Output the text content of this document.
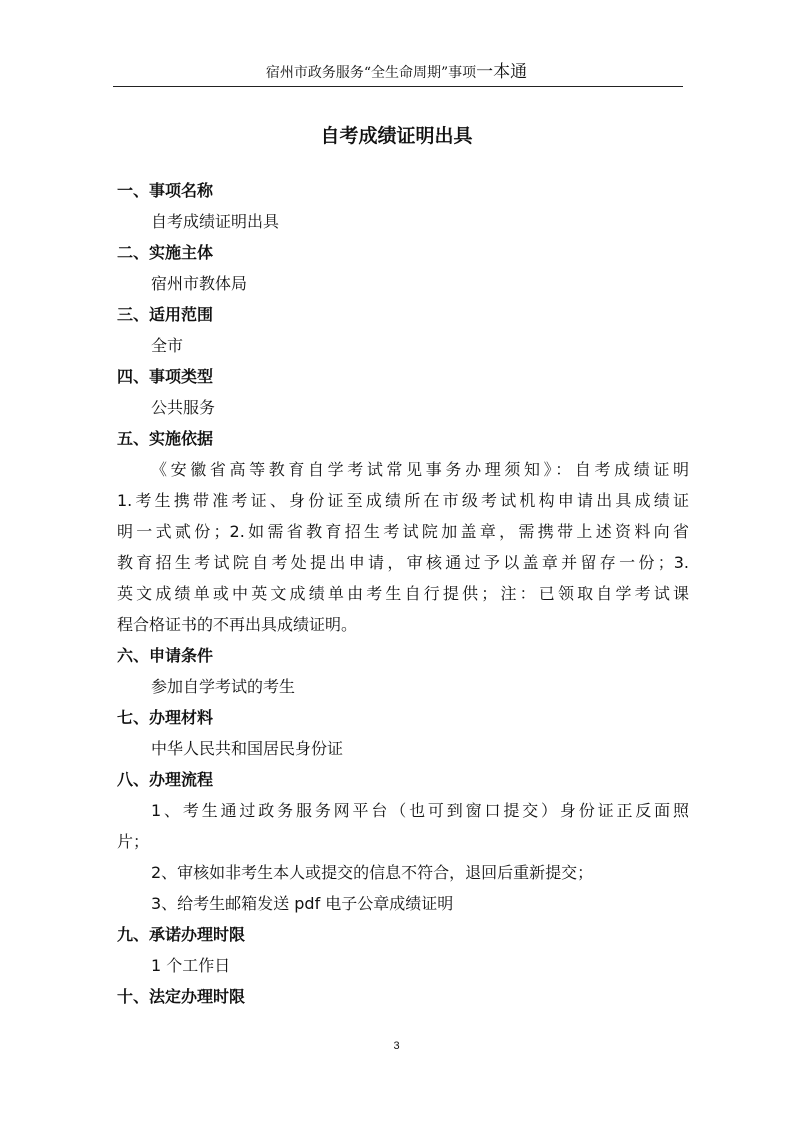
宿州市政务服务“全生命周期”事项一本通
自考成绩证明出具
一、事项名称
自考成绩证明出具
二、实施主体
宿州市教体局
三、适用范围
全市
四、事项类型
公共服务
五、实施依据
《安徽省高等教育自学考试常见事务办理须知》：自考成绩证明
1.考生携带准考证、身份证至成绩所在市级考试机构申请出具成绩证
明一式贰份；2.如需省教育招生考试院加盖章，需携带上述资料向省
教育招生考试院自考处提出申请，审核通过予以盖章并留存一份；3.
英文成绩单或中英文成绩单由考生自行提供；注：已领取自学考试课
程合格证书的不再出具成绩证明。
六、申请条件
参加自学考试的考生
七、办理材料
中华人民共和国居民身份证
八、办理流程
1、考生通过政务服务网平台（也可到窗口提交）身份证正反面照
片；
2、审核如非考生本人或提交的信息不符合，退回后重新提交；
3、给考生邮箱发送 pdf 电子公章成绩证明
九、承诺办理时限
1 个工作日
十、法定办理时限
3
